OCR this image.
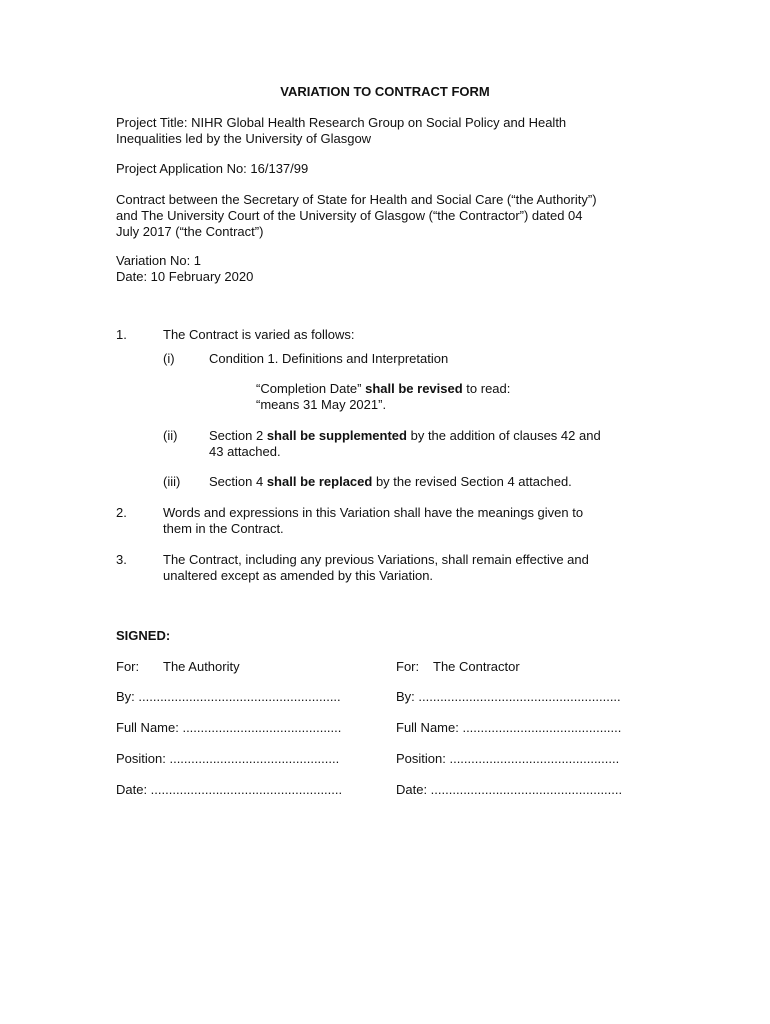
VARIATION TO CONTRACT FORM
Project Title: NIHR Global Health Research Group on Social Policy and Health
Inequalities led by the University of Glasgow
Project Application No: 16/137/99
Contract between the Secretary of State for Health and Social Care (“the Authority”)
and The University Court of the University of Glasgow (“the Contractor”) dated 04
July 2017 (“the Contract”)
Variation No: 1
Date: 10 February 2020
1.	The Contract is varied as follows:
(i)	Condition 1. Definitions and Interpretation
“Completion Date” shall be revised to read:
“means 31 May 2021”.
(ii) Section 2 shall be supplemented by the addition of clauses 42 and
43 attached.
(iii) Section 4 shall be replaced by the revised Section 4 attached.
2.	Words and expressions in this Variation shall have the meanings given to
them in the Contract.
3.	The Contract, including any previous Variations, shall remain effective and
unaltered except as amended by this Variation.
SIGNED:
For: The Authority	For: The Contractor
By: ........................................................	By: ........................................................
Full Name: ............................................	Full Name: ............................................
Position: ...............................................	Position: ...............................................
Date: .....................................................	Date: .....................................................
